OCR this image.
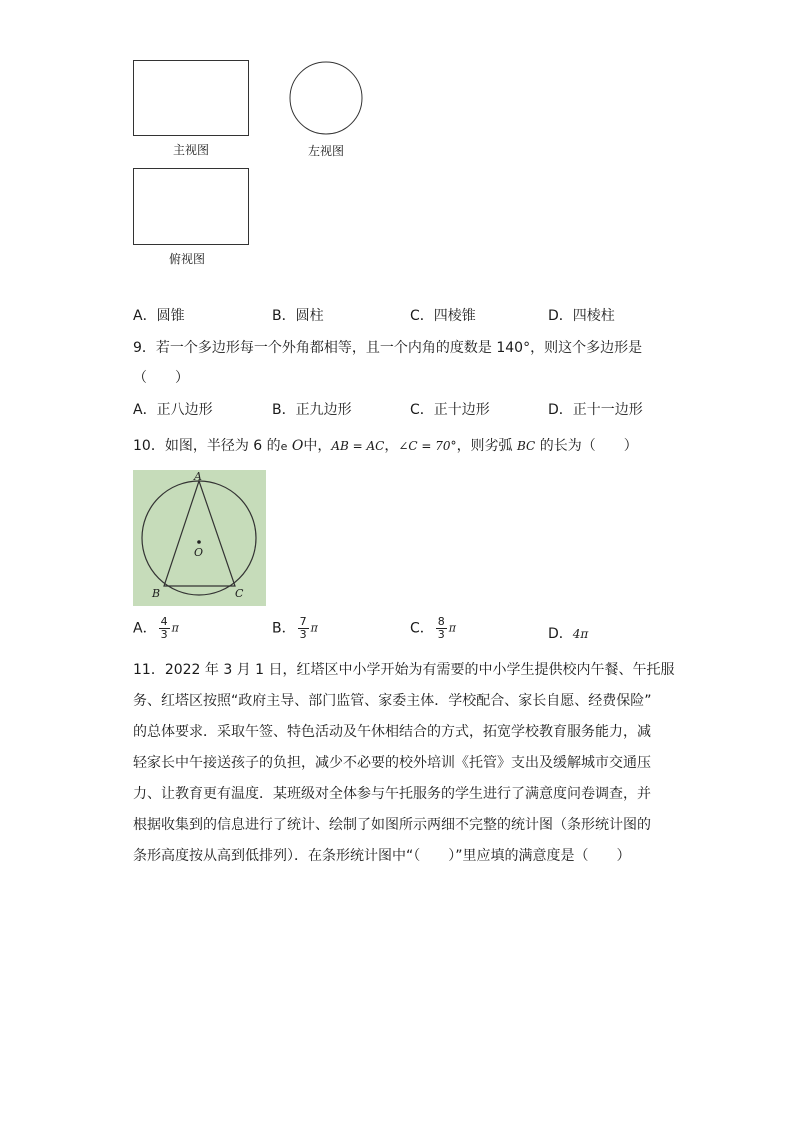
主视图	左视图
俯视图
A．圆锥	B．圆柱	C．四棱锥	D．四棱柱
9．若一个多边形每一个外角都相等，且一个内角的度数是 140°，则这个多边形是
（　　）
A．正八边形	B．正九边形	C．正十边形	D．正十一边形
10．如图，半径为 6 的e O中，AB = AC，∠C = 70°，则劣弧 BC 的长为（　　）
A
O
B	C
A． $\frac{4}{3}$ π	B． $\frac{7}{3}$ π	C． $\frac{8}{3}$ π	D．4π
11．2022 年 3 月 1 日，红塔区中小学开始为有需要的中小学生提供校内午餐、午托服
务、红塔区按照“政府主导、部门监管、家委主体．学校配合、家长自愿、经费保险”
的总体要求．采取午签、特色活动及午休相结合的方式，拓宽学校教育服务能力，减
轻家长中午接送孩子的负担，减少不必要的校外培训《托管》支出及缓解城市交通压
力、让教育更有温度．某班级对全体参与午托服务的学生进行了满意度问卷调查，并
根据收集到的信息进行了统计、绘制了如图所示两细不完整的统计图（条形统计图的
条形高度按从高到低排列）．在条形统计图中“（　　）”里应填的满意度是（　　）
